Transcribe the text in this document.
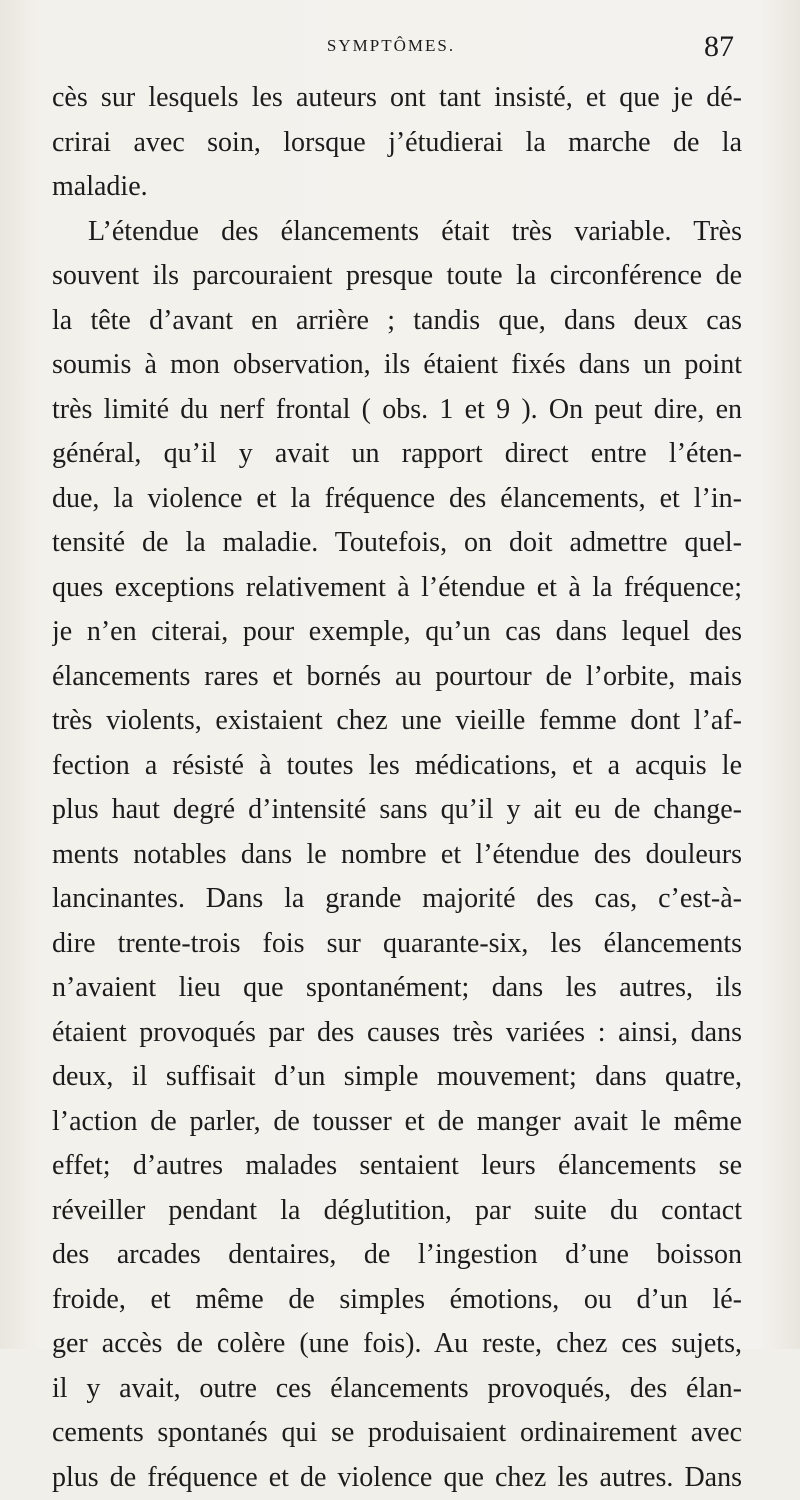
SYMPTÔMES.	87
cès sur lesquels les auteurs ont tant insisté, et que je dé-
crirai avec soin, lorsque j’étudierai la marche de la
maladie.
L’étendue des élancements était très variable. Très
souvent ils parcouraient presque toute la circonférence de
la tête d’avant en arrière ; tandis que, dans deux cas
soumis à mon observation, ils étaient fixés dans un point
très limité du nerf frontal ( obs. 1 et 9 ). On peut dire, en
général, qu’il y avait un rapport direct entre l’éten-
due, la violence et la fréquence des élancements, et l’in-
tensité de la maladie. Toutefois, on doit admettre quel-
ques exceptions relativement à l’étendue et à la fréquence;
je n’en citerai, pour exemple, qu’un cas dans lequel des
élancements rares et bornés au pourtour de l’orbite, mais
très violents, existaient chez une vieille femme dont l’af-
fection a résisté à toutes les médications, et a acquis le
plus haut degré d’intensité sans qu’il y ait eu de change-
ments notables dans le nombre et l’étendue des douleurs
lancinantes. Dans la grande majorité des cas, c’est-à-
dire trente-trois fois sur quarante-six, les élancements
n’avaient lieu que spontanément; dans les autres, ils
étaient provoqués par des causes très variées : ainsi, dans
deux, il suffisait d’un simple mouvement; dans quatre,
l’action de parler, de tousser et de manger avait le même
effet; d’autres malades sentaient leurs élancements se
réveiller pendant la déglutition, par suite du contact
des arcades dentaires, de l’ingestion d’une boisson
froide, et même de simples émotions, ou d’un lé-
ger accès de colère (une fois). Au reste, chez ces sujets,
il y avait, outre ces élancements provoqués, des élan-
cements spontanés qui se produisaient ordinairement avec
plus de fréquence et de violence que chez les autres. Dans
